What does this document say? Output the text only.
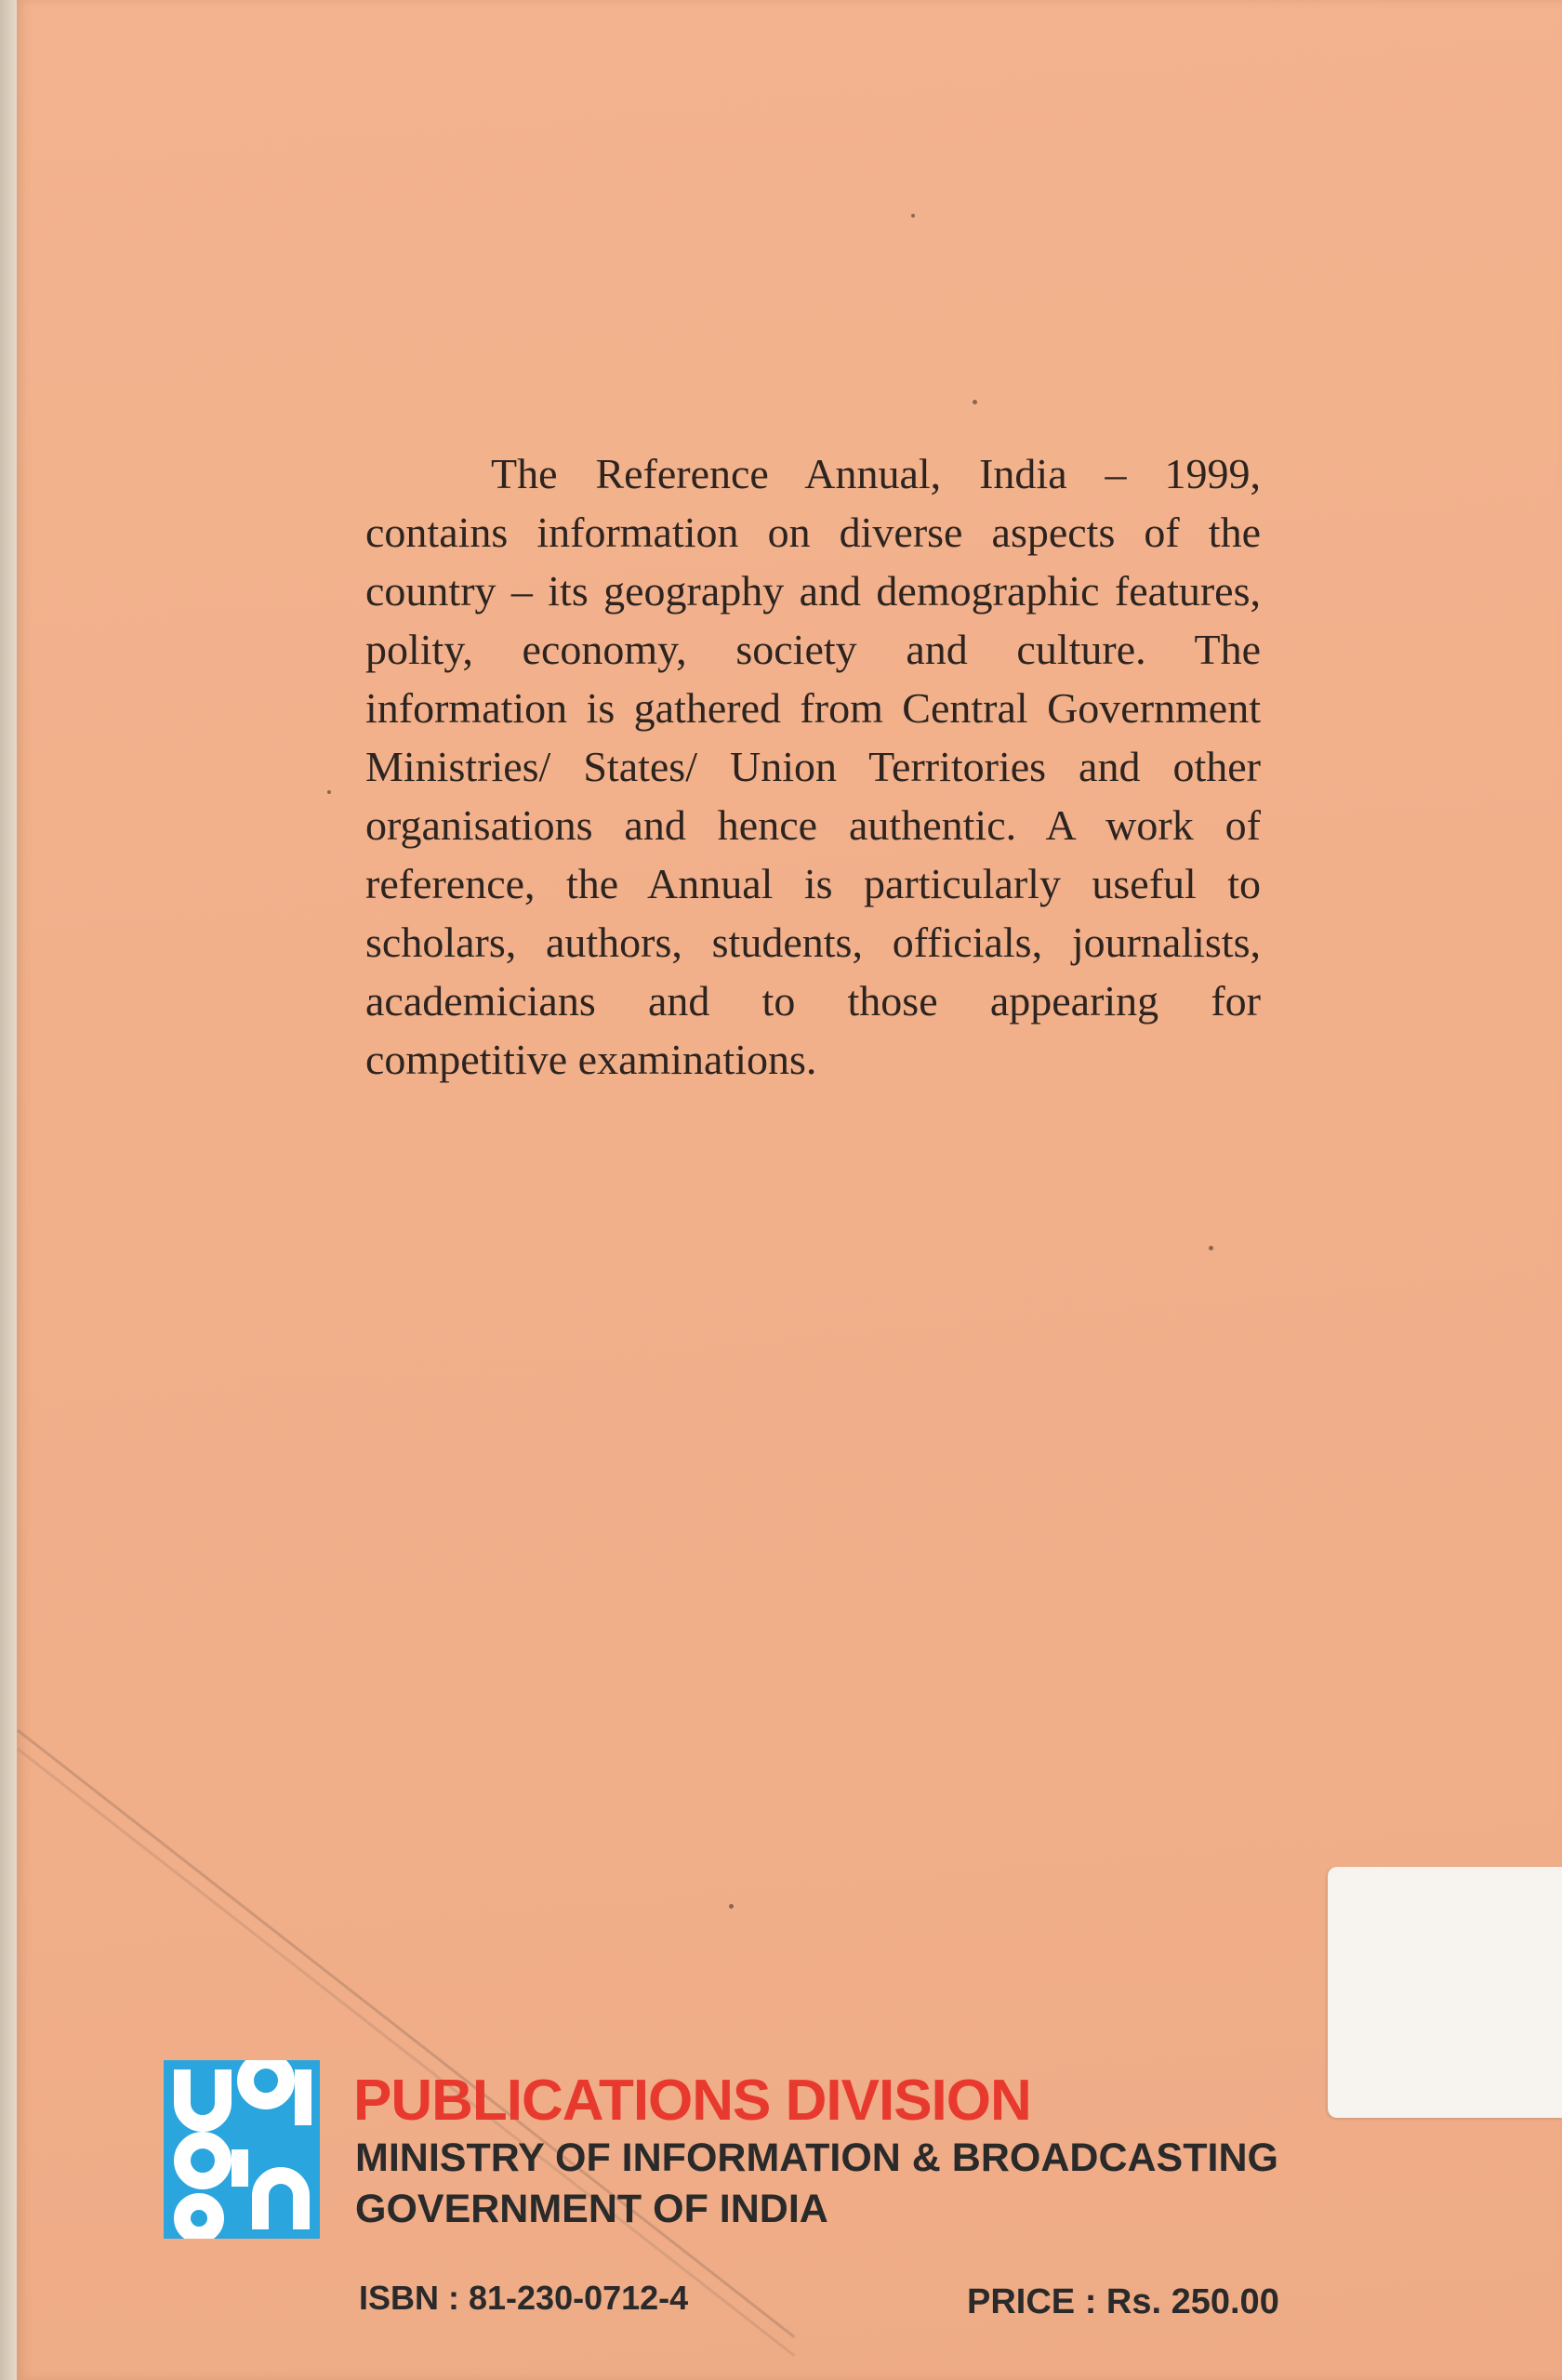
The Reference Annual, India – 1999, contains information on diverse aspects of the country – its geography and demographic features, polity, economy, society and culture. The information is gathered from Central Government Ministries/ States/ Union Territories and other organisations and hence authentic. A work of reference, the Annual is particularly useful to scholars, authors, students, officials, journalists, academicians and to those appearing for competitive examinations.

PUBLICATIONS DIVISION
MINISTRY OF INFORMATION & BROADCASTING
GOVERNMENT OF INDIA
ISBN : 81-230-0712-4	PRICE : Rs. 250.00
